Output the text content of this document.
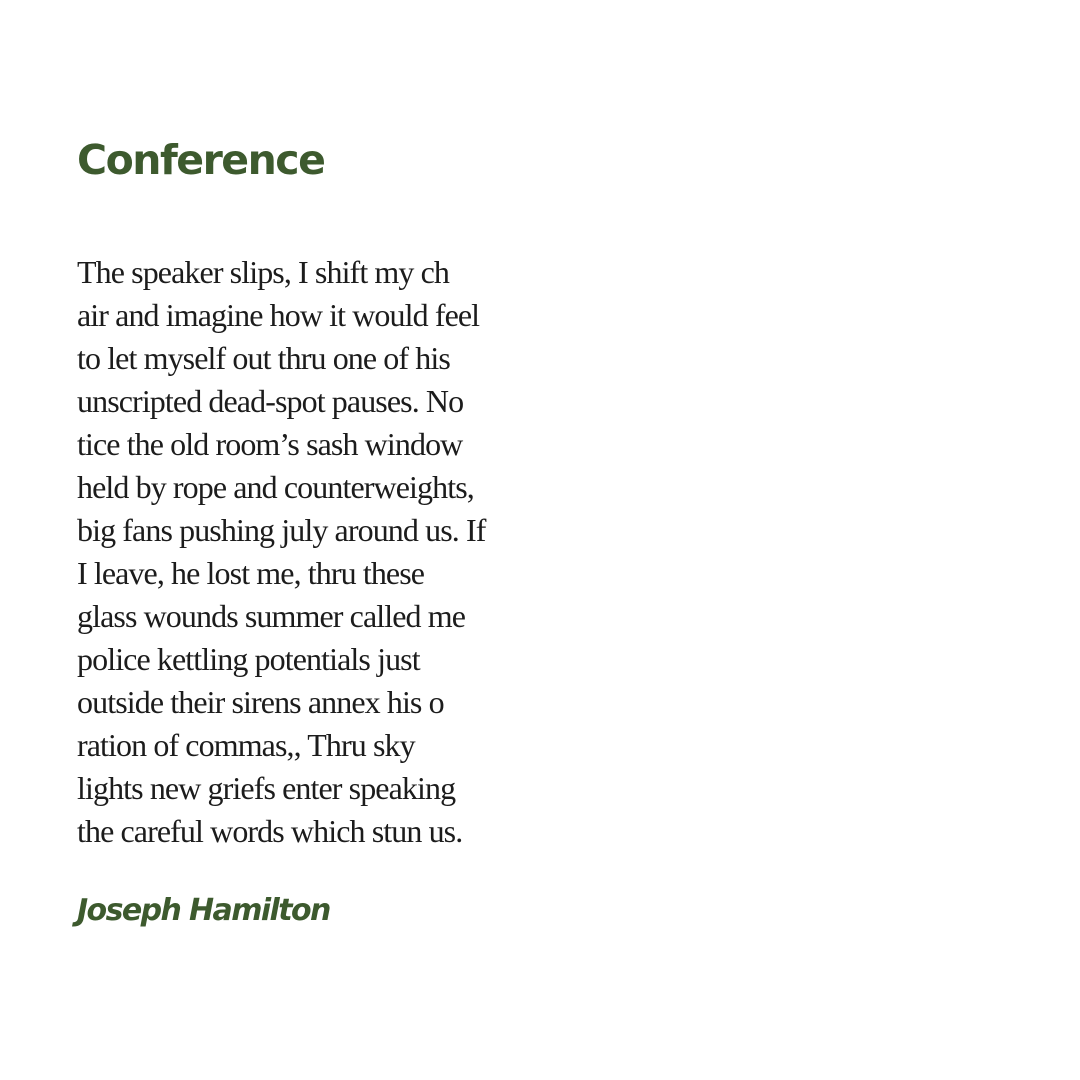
Conference
The speaker slips, I shift my ch
air and imagine how it would feel
to let myself out thru one of his
unscripted dead-spot pauses. No
tice the old room’s sash window
held by rope and counterweights,
big fans pushing july around us. If
I leave, he lost me, thru these
glass wounds summer called me
police kettling potentials just
outside their sirens annex his o
ration of commas,, Thru sky
lights new griefs enter speaking
the careful words which stun us.

Joseph Hamilton
